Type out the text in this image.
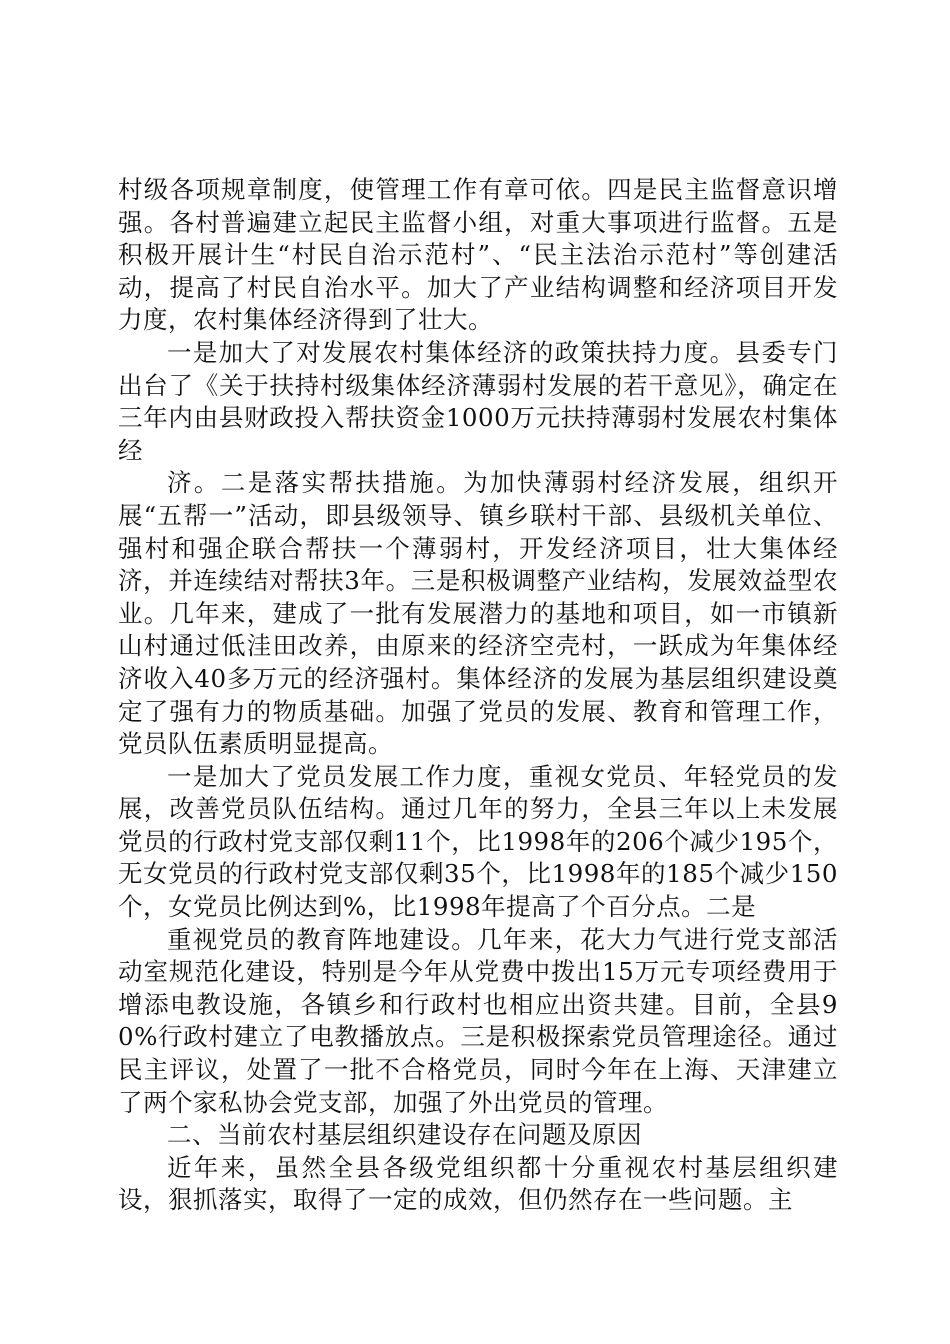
村级各项规章制度，使管理工作有章可依。四是民主监督意识增强。各村普遍建立起民主监督小组，对重大事项进行监督。五是积极开展计生“村民自治示范村”、“民主法治示范村”等创建活动，提高了村民自治水平。加大了产业结构调整和经济项目开发力度，农村集体经济得到了壮大。

一是加大了对发展农村集体经济的政策扶持力度。县委专门出台了《关于扶持村级集体经济薄弱村发展的若干意见》，确定在三年内由县财政投入帮扶资金1000万元扶持薄弱村发展农村集体经

济。二是落实帮扶措施。为加快薄弱村经济发展，组织开展“五帮一”活动，即县级领导、镇乡联村干部、县级机关单位、强村和强企联合帮扶一个薄弱村，开发经济项目，壮大集体经济，并连续结对帮扶3年。三是积极调整产业结构，发展效益型农业。几年来，建成了一批有发展潜力的基地和项目，如一市镇新山村通过低洼田改养，由原来的经济空壳村，一跃成为年集体经济收入40多万元的经济强村。集体经济的发展为基层组织建设奠定了强有力的物质基础。加强了党员的发展、教育和管理工作，党员队伍素质明显提高。

一是加大了党员发展工作力度，重视女党员、年轻党员的发展，改善党员队伍结构。通过几年的努力，全县三年以上未发展党员的行政村党支部仅剩11个，比1998年的206个减少195个，无女党员的行政村党支部仅剩35个，比1998年的185个减少150个，女党员比例达到%，比1998年提高了个百分点。二是

重视党员的教育阵地建设。几年来，花大力气进行党支部活动室规范化建设，特别是今年从党费中拨出15万元专项经费用于增添电教设施，各镇乡和行政村也相应出资共建。目前，全县90%行政村建立了电教播放点。三是积极探索党员管理途径。通过民主评议，处置了一批不合格党员，同时今年在上海、天津建立了两个家私协会党支部，加强了外出党员的管理。

二、当前农村基层组织建设存在问题及原因

近年来，虽然全县各级党组织都十分重视农村基层组织建设，狠抓落实，取得了一定的成效，但仍然存在一些问题。主
